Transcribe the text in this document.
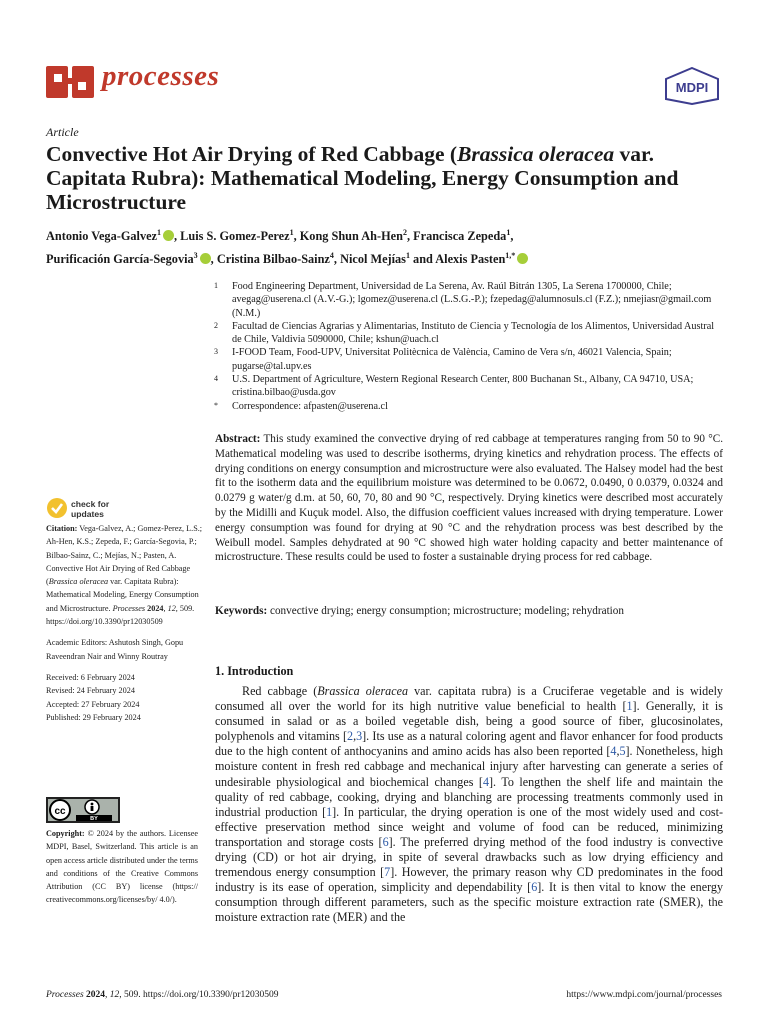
processes	MDPI
Article
Convective Hot Air Drying of Red Cabbage (Brassica oleracea var. Capitata Rubra): Mathematical Modeling, Energy Consumption and Microstructure
Antonio Vega-Galvez$^1$ , Luis S. Gomez-Perez$^1$, Kong Shun Ah-Hen$^2$, Francisca Zepeda$^1$,
Purificación García-Segovia$^3$ , Cristina Bilbao-Sainz$^4$, Nicol Mejías$^1$ and Alexis Pasten$^{1,*}$
1 Food Engineering Department, Universidad de La Serena, Av. Raúl Bitrán 1305, La Serena 1700000, Chile; avegag@userena.cl (A.V.-G.); lgomez@userena.cl (L.S.G.-P.); fzepedag@alumnosuls.cl (F.Z.); nmejiasr@gmail.com (N.M.)
2 Facultad de Ciencias Agrarias y Alimentarias, Instituto de Ciencia y Tecnología de los Alimentos, Universidad Austral de Chile, Valdivia 5090000, Chile; kshun@uach.cl
3 I-FOOD Team, Food-UPV, Universitat Politècnica de València, Camino de Vera s/n, 46021 Valencia, Spain; pugarse@tal.upv.es
4 U.S. Department of Agriculture, Western Regional Research Center, 800 Buchanan St., Albany, CA 94710, USA; cristina.bilbao@usda.gov
* Correspondence: afpasten@userena.cl
Abstract: This study examined the convective drying of red cabbage at temperatures ranging from 50 to 90 °C. Mathematical modeling was used to describe isotherms, drying kinetics and rehydration process. The effects of drying conditions on energy consumption and microstructure were also evaluated. The Halsey model had the best fit to the isotherm data and the equilibrium moisture was determined to be 0.0672, 0.0490, 0 0.0379, 0.0324 and 0.0279 g water/g d.m. at 50, 60, 70, 80 and 90 °C, respectively. Drying kinetics were described most accurately by the Midilli and Kuçuk model. Also, the diffusion coefficient values increased with drying temperature. Lower energy consumption was found for drying at 90 °C and the rehydration process was best described by the Weibull model. Samples dehydrated at 90 °C showed high water holding capacity and better maintenance of microstructure. These results could be used to foster a sustainable drying process for red cabbage.
Keywords: convective drying; energy consumption; microstructure; modeling; rehydration
check for
updates
Citation: Vega-Galvez, A.; Gomez-Perez, L.S.; Ah-Hen, K.S.; Zepeda, F.; García-Segovia, P.; Bilbao-Sainz, C.; Mejías, N.; Pasten, A. Convective Hot Air Drying of Red Cabbage (Brassica oleracea var. Capitata Rubra): Mathematical Modeling, Energy Consumption and Microstructure. Processes 2024, 12, 509. https://doi.org/10.3390/pr12030509
Academic Editors: Ashutosh Singh, Gopu Raveendran Nair and Winny Routray
Received: 6 February 2024
Revised: 24 February 2024
Accepted: 27 February 2024
Published: 29 February 2024
cc
BY
Copyright: © 2024 by the authors. Licensee MDPI, Basel, Switzerland. This article is an open access article distributed under the terms and conditions of the Creative Commons Attribution (CC BY) license (https:// creativecommons.org/licenses/by/ 4.0/).
1. Introduction
Red cabbage (Brassica oleracea var. capitata rubra) is a Cruciferae vegetable and is widely consumed all over the world for its high nutritive value beneficial to health [1]. Generally, it is consumed in salad or as a boiled vegetable dish, being a good source of fiber, glucosinolates, polyphenols and vitamins [2,3]. Its use as a natural coloring agent and flavor enhancer for food products due to the high content of anthocyanins and amino acids has also been reported [4,5]. Nonetheless, high moisture content in fresh red cabbage and mechanical injury after harvesting can generate a series of undesirable physiological and biochemical changes [4]. To lengthen the shelf life and maintain the quality of red cabbage, cooking, drying and blanching are processing treatments commonly used in industrial production [1]. In particular, the drying operation is one of the most widely used and cost-effective preservation method since weight and volume of food can be reduced, minimizing transportation and storage costs [6]. The preferred drying method of the food industry is convective drying (CD) or hot air drying, in spite of several drawbacks such as low drying efficiency and tremendous energy consumption [7]. However, the primary reason why CD predominates in the food industry is its ease of operation, simplicity and dependability [6]. It is then vital to know the energy consumption through different parameters, such as the specific moisture extraction rate (SMER), the moisture extraction rate (MER) and the
Processes 2024, 12, 509. https://doi.org/10.3390/pr12030509	https://www.mdpi.com/journal/processes
